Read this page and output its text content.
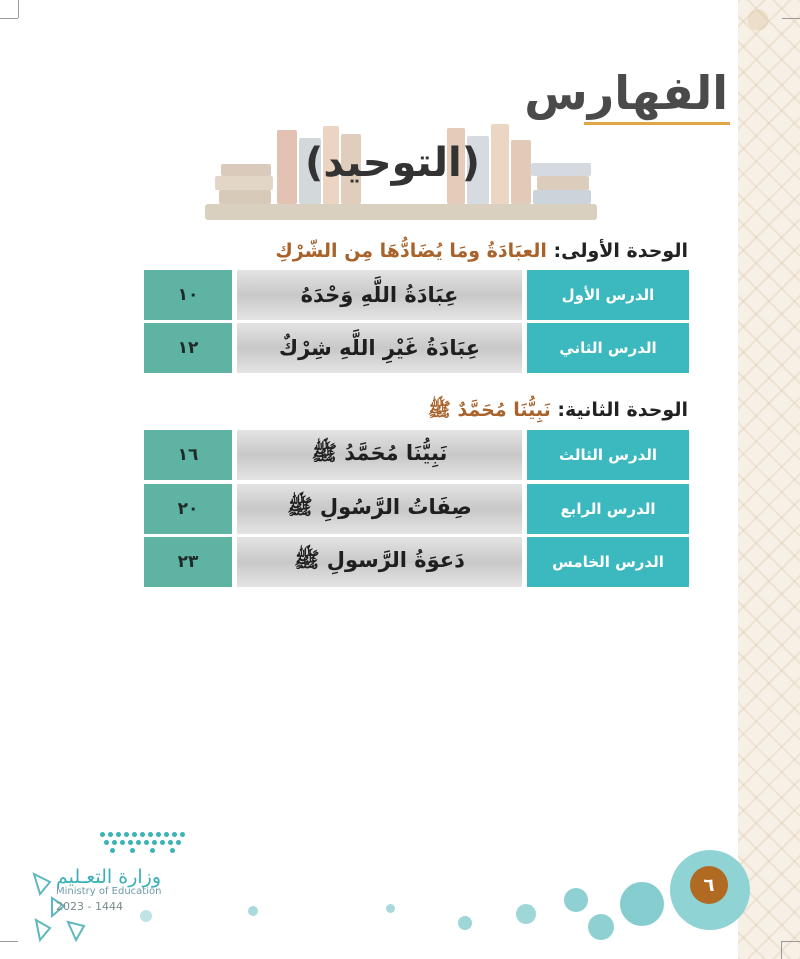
الفهارس
(التوحيد)
الوحدة الأولى: العبَادَةُ ومَا يُضَادُّهَا مِن الشّرْكِ
الدرس الأول
عِبَادَةُ اللَّهِ وَحْدَهُ
١٠
الدرس الثاني
عِبَادَةُ غَيْرِ اللَّهِ شِرْكٌ
١٢
الوحدة الثانية: نَبِيُّنَا مُحَمَّدٌ ﷺ
الدرس الثالث
نَبِيُّنَا مُحَمَّدُ ﷺ
١٦
الدرس الرابع
صِفَاتُ الرَّسُولِ ﷺ
٢٠
الدرس الخامس
دَعوَةُ الرَّسولِ ﷺ
٢٣
٦
وزارة التعـليم
Ministry of Education
2023 - 1444
